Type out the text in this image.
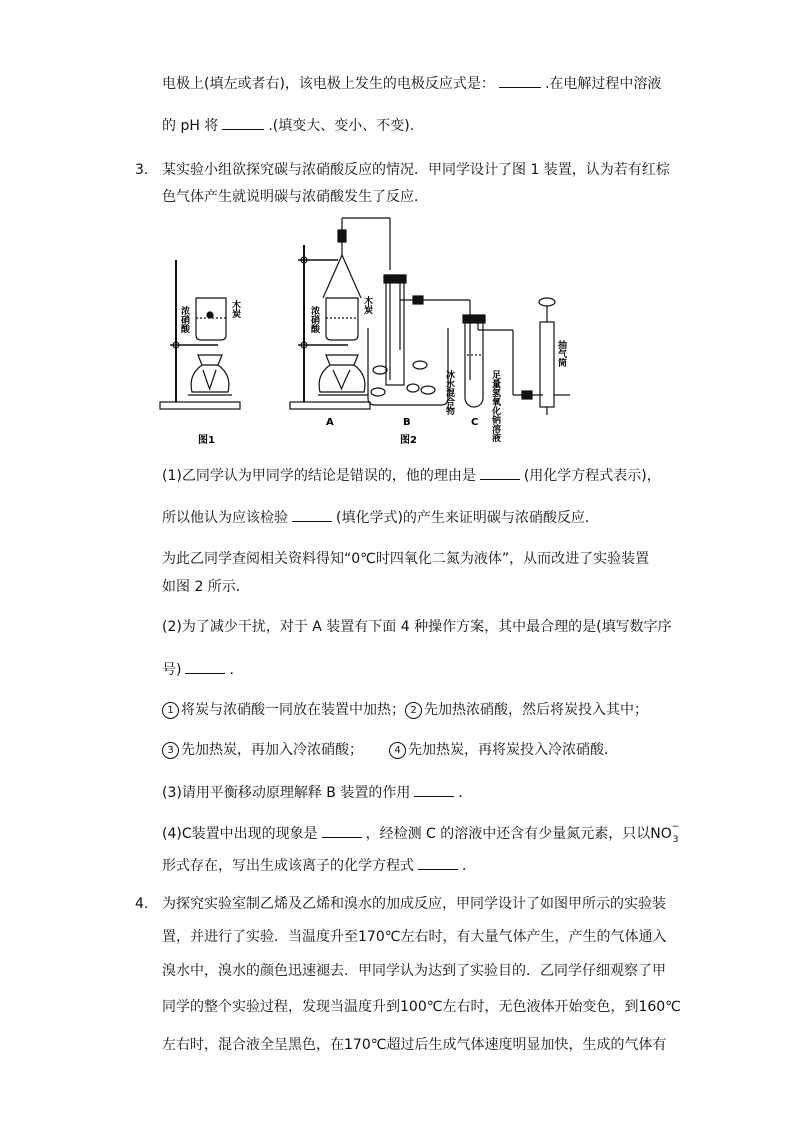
电极上(填左或者右)，该电极上发生的电极反应式是：	.在电解过程中溶液
的 pH 将	.(填变大、变小、不变).
3. 某实验小组欲探究碳与浓硝酸反应的情况．甲同学设计了图 1 装置，认为若有红棕
色气体产生就说明碳与浓硝酸发生了反应．
图1	图2
A	B	C
木炭
浓硝酸
木炭
浓硝酸
冰水混合物	足量氢氧化钠溶液
抽气筒
(1)乙同学认为甲同学的结论是错误的，他的理由是	(用化学方程式表示)，
所以他认为应该检验	(填化学式)的产生来证明碳与浓硝酸反应．
为此乙同学查阅相关资料得知“0℃时四氧化二氮为液体”，从而改进了实验装置
如图 2 所示．
(2)为了减少干扰，对于 A 装置有下面 4 种操作方案，其中最合理的是(填写数字序
号)	．
1 将炭与浓硝酸一同放在装置中加热； 2 先加热浓硝酸，然后将炭投入其中；
3 先加热炭，再加入冷浓硝酸；	4 先加热炭，再将炭投入冷浓硝酸．
(3)请用平衡移动原理解释 B 装置的作用	．
(4)C装置中出现的现象是	，经检测 C 的溶液中还含有少量氮元素，只以NO −
3
形式存在，写出生成该离子的化学方程式	．
4. 为探究实验室制乙烯及乙烯和溴水的加成反应，甲同学设计了如图甲所示的实验装
置，并进行了实验．当温度升至170℃左右时，有大量气体产生，产生的气体通入
溴水中，溴水的颜色迅速褪去．甲同学认为达到了实验目的．乙同学仔细观察了甲
同学的整个实验过程，发现当温度升到100℃左右时，无色液体开始变色，到160℃
左右时，混合液全呈黑色，在170℃超过后生成气体速度明显加快，生成的气体有
